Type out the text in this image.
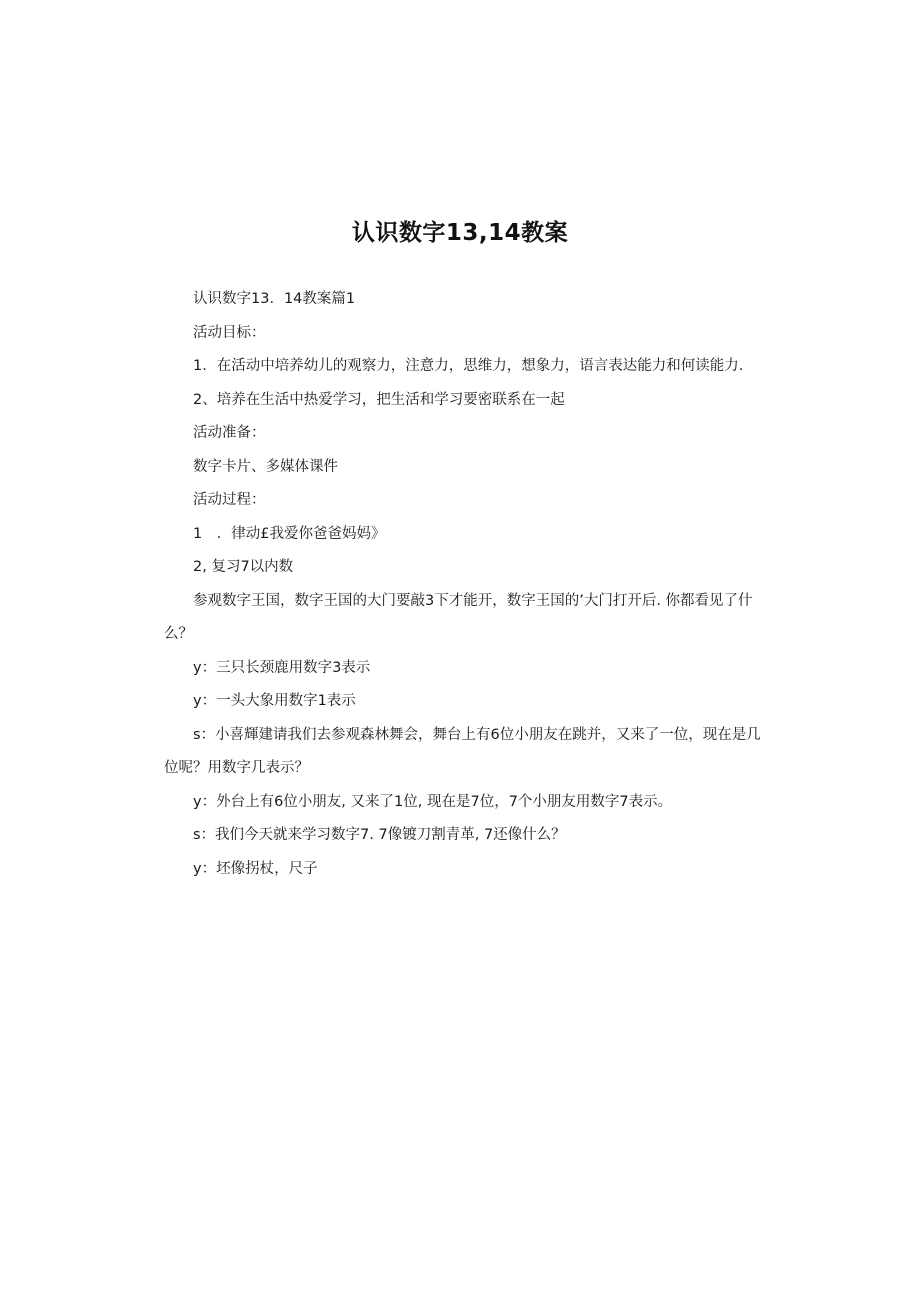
认识数字13,14教案

认识数字13．14教案篇1

活动目标：

1．在活动中培养幼儿的观察力，注意力，思维力，想象力，语言表达能力和何读能力.

2、培养在生活中热爱学习，把生活和学习要密联系在一起

活动准备：

数字卡片、多媒体课件

活动过程：

1　．律动£我爱你爸爸妈妈》

2, 复习7以内数

参观数字王国，数字王国的大门要敲3下才能开，数字王国的’大门打开后. 你都看见了什么？

y：三只长颈鹿用数字3表示

y：一头大象用数字1表示

s：小喜輝建请我们去参观森林舞会，舞台上有6位小朋友在跳并，又来了一位，现在是几位呢？用数字几表示？

y：外台上有6位小朋友, 又来了1位, 现在是7位，7个小朋友用数字7表示。

s：我们今天就来学习数字7. 7像镀刀割青革, 7还像什么？

y：坯像拐杖，尺子
